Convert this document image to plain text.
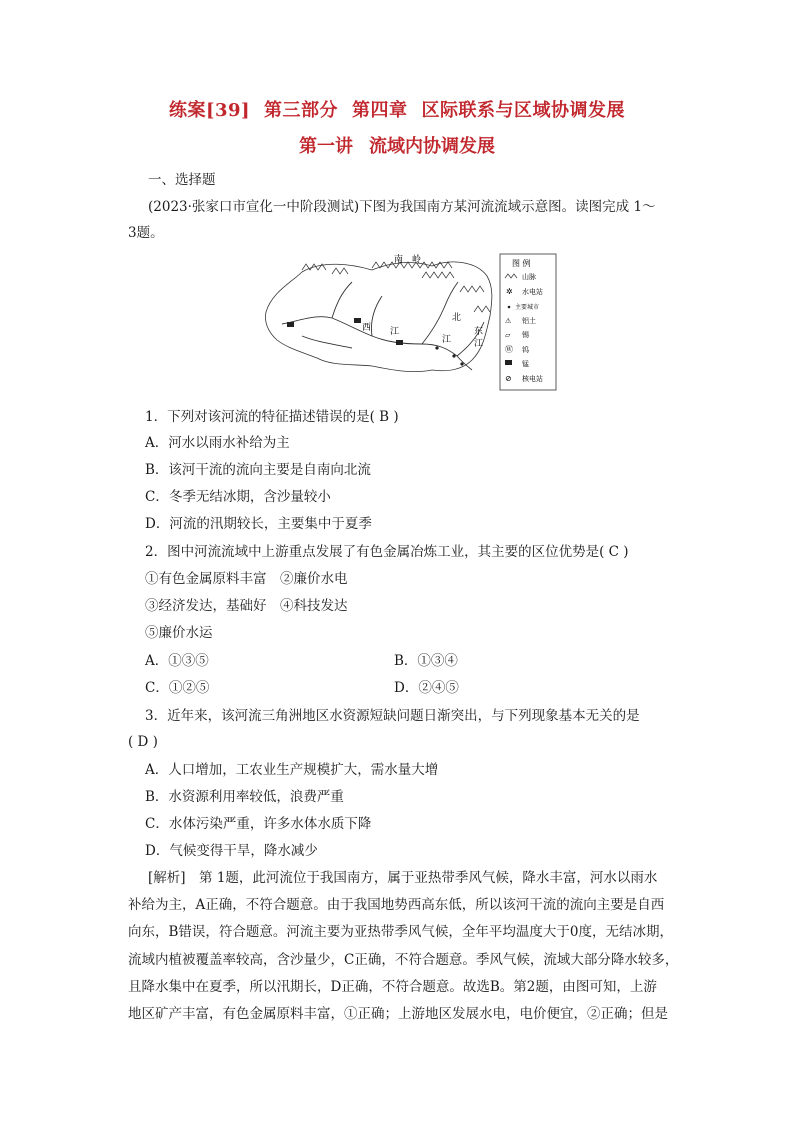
练案[39] 第三部分 第四章 区际联系与区域协调发展
第一讲 流域内协调发展
一、选择题
(2023·张家口市宣化一中阶段测试)下图为我国南方某河流流域示意图。读图完成 1～
3题。
南　岭
西 江
北
江
东
江
图 例
山脉
✲ 水电站
主要城市
⚠ 铝土
▱ 锡
Ⓦ 钨
锰
⊘ 核电站
1．下列对该河流的特征描述错误的是( B )
A．河水以雨水补给为主
B．该河干流的流向主要是自南向北流
C．冬季无结冰期，含沙量较小
D．河流的汛期较长，主要集中于夏季
2．图中河流流域中上游重点发展了有色金属冶炼工业，其主要的区位优势是( C )
①有色金属原料丰富　②廉价水电
③经济发达，基础好　④科技发达
⑤廉价水运
A．①③⑤	B．①③④
C．①②⑤	D．②④⑤
3．近年来，该河流三角洲地区水资源短缺问题日渐突出，与下列现象基本无关的是
( D )
A．人口增加，工农业生产规模扩大，需水量大增
B．水资源利用率较低，浪费严重
C．水体污染严重，许多水体水质下降
D．气候变得干旱，降水减少
[解析]　第 1题，此河流位于我国南方，属于亚热带季风气候，降水丰富，河水以雨水
补给为主，A正确，不符合题意。由于我国地势西高东低，所以该河干流的流向主要是自西
向东，B错误，符合题意。河流主要为亚热带季风气候，全年平均温度大于0度，无结冰期，
流域内植被覆盖率较高，含沙量少，C正确，不符合题意。季风气候，流域大部分降水较多，
且降水集中在夏季，所以汛期长，D正确，不符合题意。故选B。第2题，由图可知，上游
地区矿产丰富，有色金属原料丰富，①正确；上游地区发展水电，电价便宜，②正确；但是
